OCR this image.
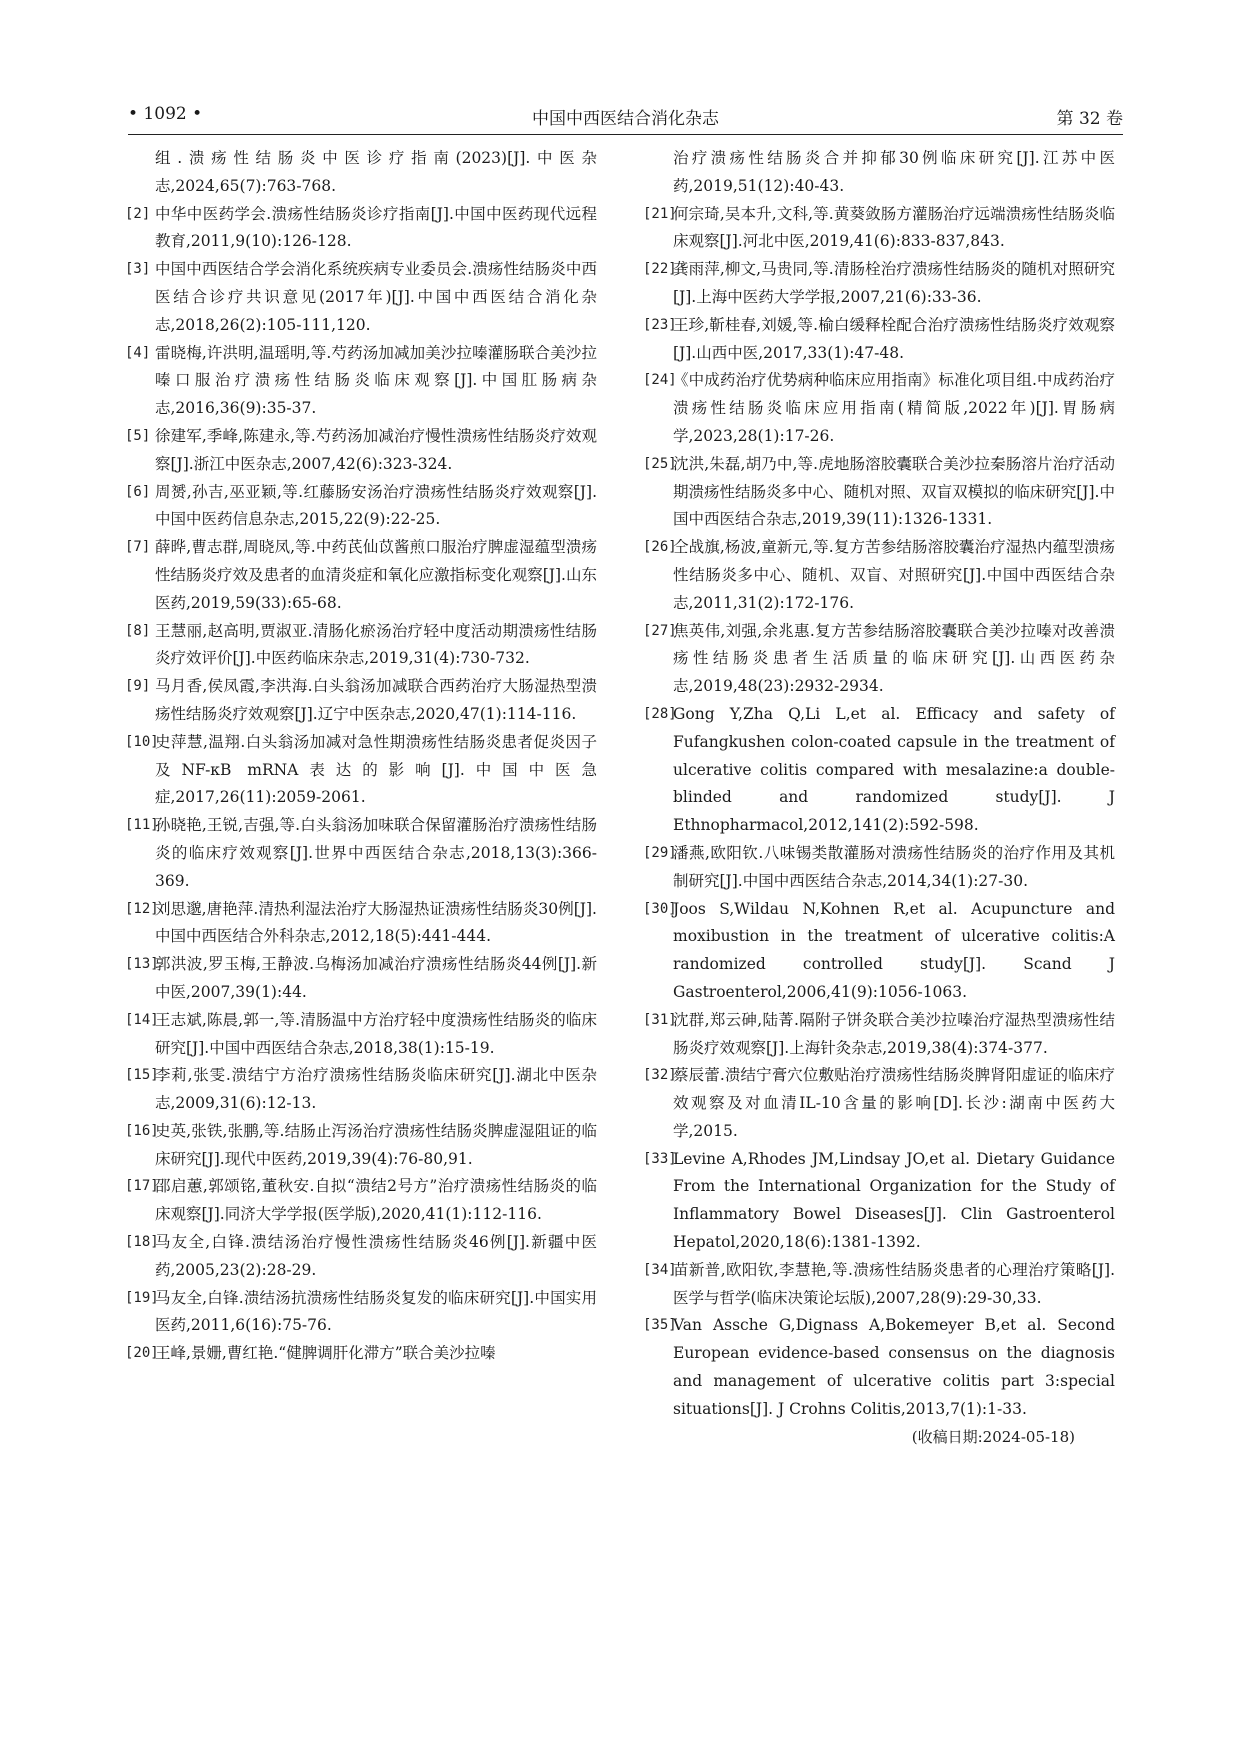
• 1092 •	中国中西医结合消化杂志	第 32 卷
组.溃疡性结肠炎中医诊疗指南(2023)[J].中医杂志,2024,65(7):763-768.
[2] 中华中医药学会.溃疡性结肠炎诊疗指南[J].中国中医药现代远程教育,2011,9(10):126-128.
[3] 中国中西医结合学会消化系统疾病专业委员会.溃疡性结肠炎中西医结合诊疗共识意见(2017年)[J].中国中西医结合消化杂志,2018,26(2):105-111,120.
[4] 雷晓梅,许洪明,温瑶明,等.芍药汤加减加美沙拉嗪灌肠联合美沙拉嗪口服治疗溃疡性结肠炎临床观察[J].中国肛肠病杂志,2016,36(9):35-37.
[5] 徐建军,季峰,陈建永,等.芍药汤加减治疗慢性溃疡性结肠炎疗效观察[J].浙江中医杂志,2007,42(6):323-324.
[6] 周赟,孙吉,巫亚颖,等.红藤肠安汤治疗溃疡性结肠炎疗效观察[J].中国中医药信息杂志,2015,22(9):22-25.
[7] 薛晔,曹志群,周晓凤,等.中药芪仙苡酱煎口服治疗脾虚湿蕴型溃疡性结肠炎疗效及患者的血清炎症和氧化应激指标变化观察[J].山东医药,2019,59(33):65-68.
[8] 王慧丽,赵高明,贾淑亚.清肠化瘀汤治疗轻中度活动期溃疡性结肠炎疗效评价[J].中医药临床杂志,2019,31(4):730-732.
[9] 马月香,侯凤霞,李洪海.白头翁汤加减联合西药治疗大肠湿热型溃疡性结肠炎疗效观察[J].辽宁中医杂志,2020,47(1):114-116.
[10]
史萍慧,温翔.白头翁汤加减对急性期溃疡性结肠炎患者促炎因子及NF-κB mRNA表达的影响[J].中国中医急症,2017,26(11):2059-2061.
[11]
孙晓艳,王锐,吉强,等.白头翁汤加味联合保留灌肠治疗溃疡性结肠炎的临床疗效观察[J].世界中西医结合杂志,2018,13(3):366-369.
[12]
刘思邈,唐艳萍.清热利湿法治疗大肠湿热证溃疡性结肠炎30例[J].中国中西医结合外科杂志,2012,18(5):441-444.
[13]
郭洪波,罗玉梅,王静波.乌梅汤加减治疗溃疡性结肠炎44例[J].新中医,2007,39(1):44.
[14]
王志斌,陈晨,郭一,等.清肠温中方治疗轻中度溃疡性结肠炎的临床研究[J].中国中西医结合杂志,2018,38(1):15-19.
[15]
李莉,张雯.溃结宁方治疗溃疡性结肠炎临床研究[J].湖北中医杂志,2009,31(6):12-13.
[16]
史英,张铁,张鹏,等.结肠止泻汤治疗溃疡性结肠炎脾虚湿阻证的临床研究[J].现代中医药,2019,39(4):76-80,91.
[17]
邵启蕙,郭颂铭,董秋安.自拟“溃结2号方”治疗溃疡性结肠炎的临床观察[J].同济大学学报(医学版),2020,41(1):112-116.
[18]
马友全,白锋.溃结汤治疗慢性溃疡性结肠炎46例[J].新疆中医药,2005,23(2):28-29.
[19]
马友全,白锋.溃结汤抗溃疡性结肠炎复发的临床研究[J].中国实用医药,2011,6(16):75-76.
[20]
王峰,景姗,曹红艳.“健脾调肝化滞方”联合美沙拉嗪
治疗溃疡性结肠炎合并抑郁30例临床研究[J].江苏中医药,2019,51(12):40-43.
[21]
何宗琦,吴本升,文科,等.黄葵敛肠方灌肠治疗远端溃疡性结肠炎临床观察[J].河北中医,2019,41(6):833-837,843.
[22]
龚雨萍,柳文,马贵同,等.清肠栓治疗溃疡性结肠炎的随机对照研究[J].上海中医药大学学报,2007,21(6):33-36.
[23]
王珍,靳桂春,刘媛,等.榆白缓释栓配合治疗溃疡性结肠炎疗效观察[J].山西中医,2017,33(1):47-48.
[24]
《中成药治疗优势病种临床应用指南》标准化项目组.中成药治疗溃疡性结肠炎临床应用指南(精简版,2022年)[J].胃肠病学,2023,28(1):17-26.
[25]
沈洪,朱磊,胡乃中,等.虎地肠溶胶囊联合美沙拉秦肠溶片治疗活动期溃疡性结肠炎多中心、随机对照、双盲双模拟的临床研究[J].中国中西医结合杂志,2019,39(11):1326-1331.
[26]
仝战旗,杨波,童新元,等.复方苦参结肠溶胶囊治疗湿热内蕴型溃疡性结肠炎多中心、随机、双盲、对照研究[J].中国中西医结合杂志,2011,31(2):172-176.
[27]
焦英伟,刘强,余兆惠.复方苦参结肠溶胶囊联合美沙拉嗪对改善溃疡性结肠炎患者生活质量的临床研究[J].山西医药杂志,2019,48(23):2932-2934.
[28]
Gong Y,Zha Q,Li L,et al. Efficacy and safety of Fufangkushen colon-coated capsule in the treatment of ulcerative colitis compared with mesalazine:a double-blinded and randomized study[J]. J Ethnopharmacol,2012,141(2):592-598.
[29]
潘燕,欧阳钦.八味锡类散灌肠对溃疡性结肠炎的治疗作用及其机制研究[J].中国中西医结合杂志,2014,34(1):27-30.
[30]
Joos S,Wildau N,Kohnen R,et al. Acupuncture and moxibustion in the treatment of ulcerative colitis:A randomized controlled study[J]. Scand J Gastroenterol,2006,41(9):1056-1063.
[31]
沈群,郑云砷,陆菁.隔附子饼灸联合美沙拉嗪治疗湿热型溃疡性结肠炎疗效观察[J].上海针灸杂志,2019,38(4):374-377.
[32]
蔡辰蕾.溃结宁膏穴位敷贴治疗溃疡性结肠炎脾肾阳虚证的临床疗效观察及对血清IL-10含量的影响[D].长沙:湖南中医药大学,2015.
[33]
Levine A,Rhodes JM,Lindsay JO,et al. Dietary Guidance From the International Organization for the Study of Inflammatory Bowel Diseases[J]. Clin Gastroenterol Hepatol,2020,18(6):1381-1392.
[34]
苗新普,欧阳钦,李慧艳,等.溃疡性结肠炎患者的心理治疗策略[J].医学与哲学(临床决策论坛版),2007,28(9):29-30,33.
[35]
Van Assche G,Dignass A,Bokemeyer B,et al. Second European evidence-based consensus on the diagnosis and management of ulcerative colitis part 3:special situations[J]. J Crohns Colitis,2013,7(1):1-33.
(收稿日期:2024-05-18)
